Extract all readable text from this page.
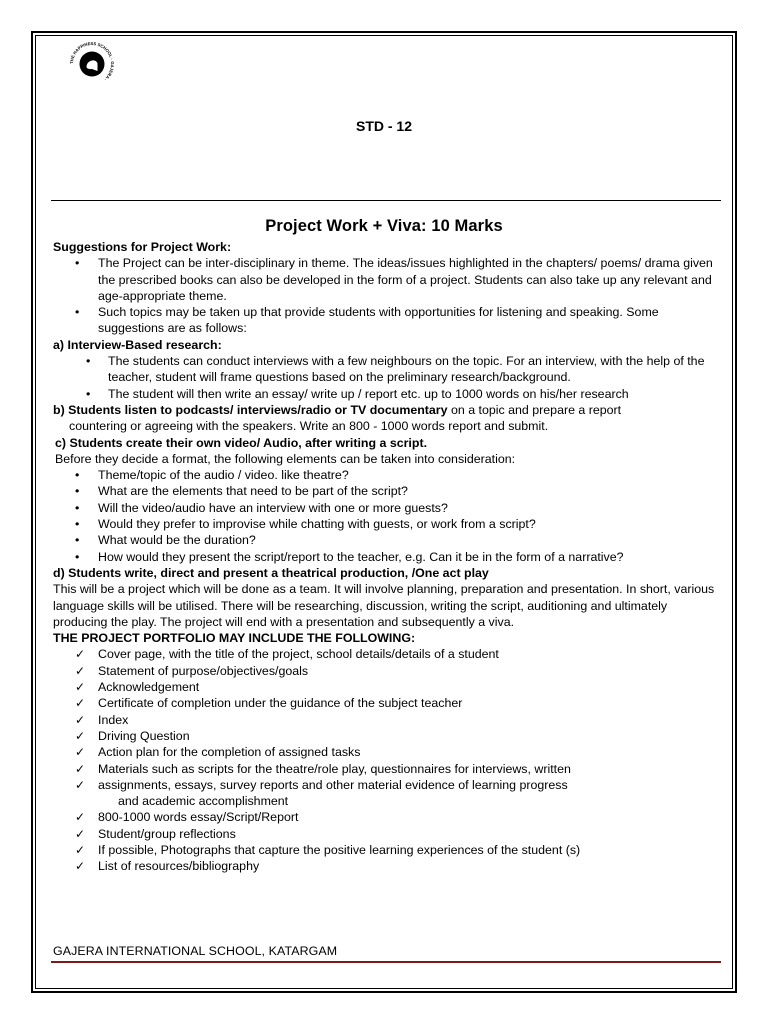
THE HAPPINESS SCHOOL · GAJERA ·
STD - 12
Project Work + Viva: 10 Marks

Suggestions for Project Work:

• The Project can be inter-disciplinary in theme. The ideas/issues highlighted in the chapters/ poems/ drama given the prescribed books can also be developed in the form of a project. Students can also take up any relevant and age-appropriate theme.
• Such topics may be taken up that provide students with opportunities for listening and speaking. Some suggestions are as follows:

a) Interview-Based research:

• The students can conduct interviews with a few neighbours on the topic. For an interview, with the help of the teacher, student will frame questions based on the preliminary research/background.
• The student will then write an essay/ write up / report etc. up to 1000 words on his/her research

b) Students listen to podcasts/ interviews/radio or TV documentary on a topic and prepare a report

countering or agreeing with the speakers. Write an 800 - 1000 words report and submit.

c) Students create their own video/ Audio, after writing a script.

Before they decide a format, the following elements can be taken into consideration:

• Theme/topic of the audio / video. like theatre?
• What are the elements that need to be part of the script?
• Will the video/audio have an interview with one or more guests?
• Would they prefer to improvise while chatting with guests, or work from a script?
• What would be the duration?
• How would they present the script/report to the teacher, e.g. Can it be in the form of a narrative?

d) Students write, direct and present a theatrical production, /One act play

This will be a project which will be done as a team. It will involve planning, preparation and presentation. In short, various language skills will be utilised. There will be researching, discussion, writing the script, auditioning and ultimately producing the play. The project will end with a presentation and subsequently a viva.

THE PROJECT PORTFOLIO MAY INCLUDE THE FOLLOWING:

✓ Cover page, with the title of the project, school details/details of a student
✓ Statement of purpose/objectives/goals
✓ Acknowledgement
✓ Certificate of completion under the guidance of the subject teacher
✓ Index
✓ Driving Question
✓ Action plan for the completion of assigned tasks
✓ Materials such as scripts for the theatre/role play, questionnaires for interviews, written
✓ assignments, essays, survey reports and other material evidence of learning progress
and academic accomplishment
✓ 800-1000 words essay/Script/Report
✓ Student/group reflections
✓ If possible, Photographs that capture the positive learning experiences of the student (s)
✓ List of resources/bibliography
GAJERA INTERNATIONAL SCHOOL, KATARGAM
